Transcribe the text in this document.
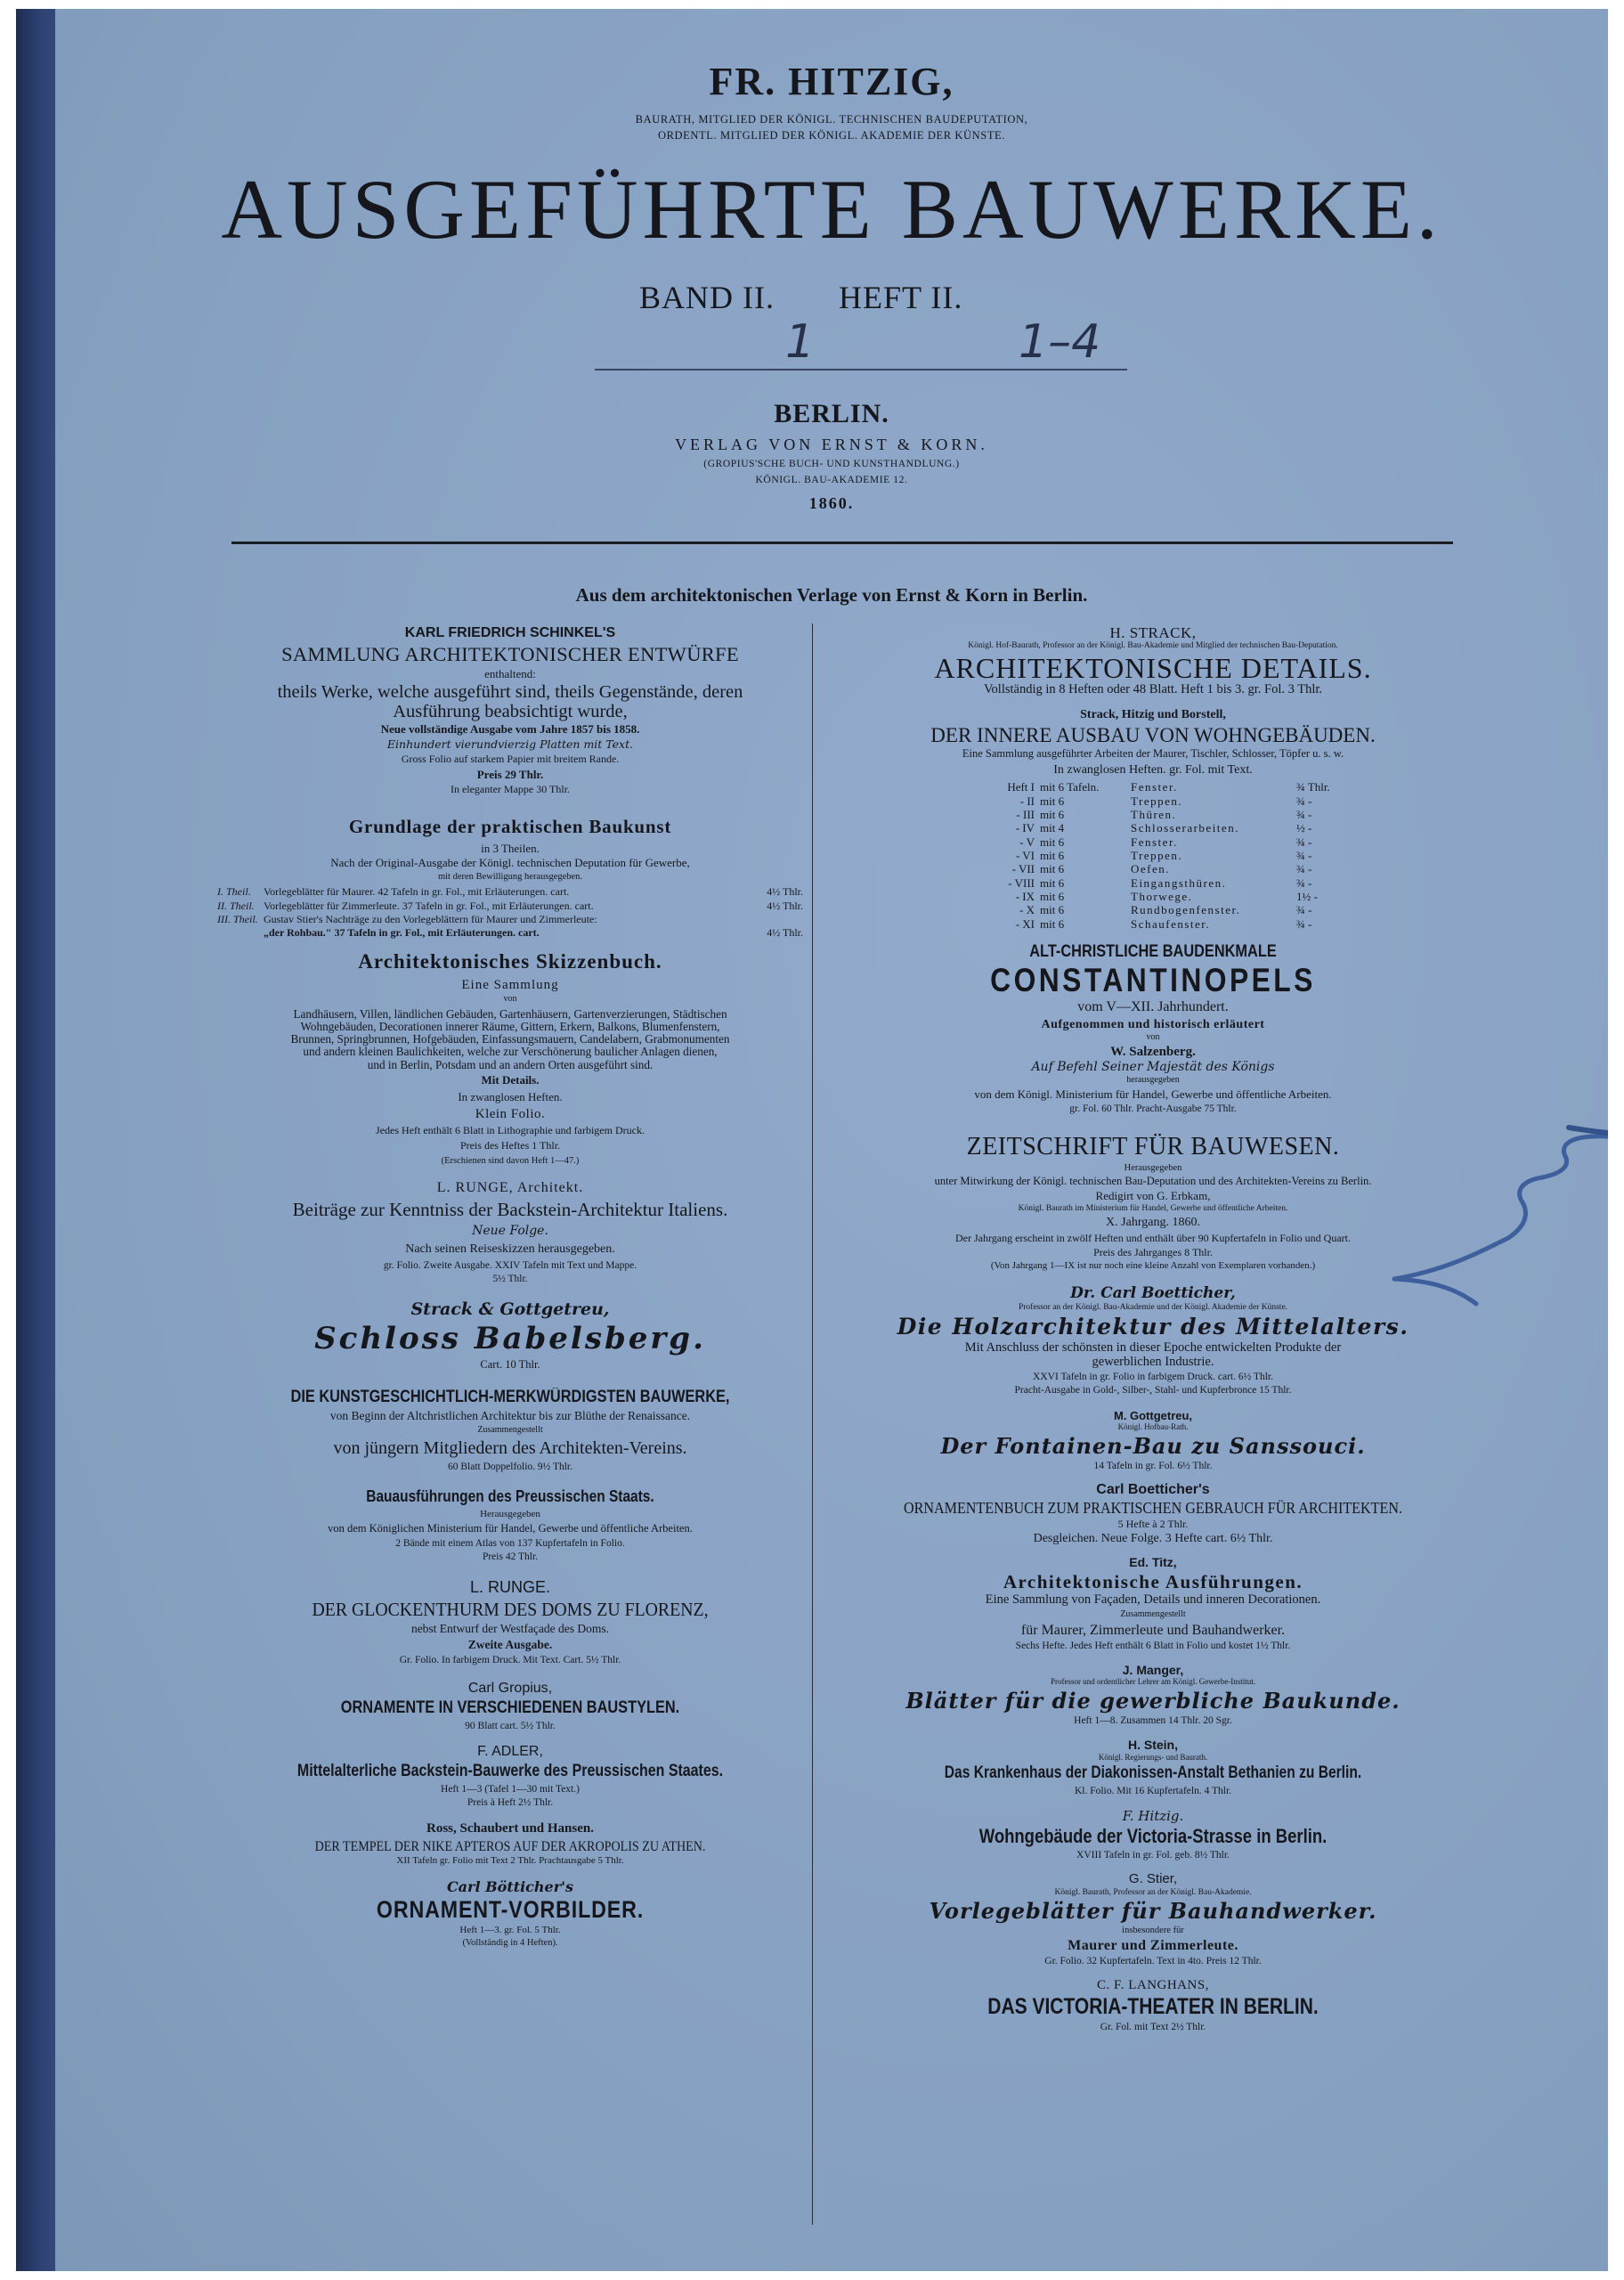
FR. HITZIG,
BAURATH, MITGLIED DER KÖNIGL. TECHNISCHEN BAUDEPUTATION,
ORDENTL. MITGLIED DER KÖNIGL. AKADEMIE DER KÜNSTE.
AUSGEFÜHRTE BAUWERKE.
BAND II. HEFT II.
1	1–4
BERLIN.
VERLAG VON ERNST & KORN.
(GROPIUS'SCHE BUCH- UND KUNSTHANDLUNG.)
KÖNIGL. BAU-AKADEMIE 12.
1860.
Aus dem architektonischen Verlage von Ernst & Korn in Berlin.
KARL FRIEDRICH SCHINKEL'S
SAMMLUNG ARCHITEKTONISCHER ENTWÜRFE
enthaltend:
theils Werke, welche ausgeführt sind, theils Gegenstände, deren
Ausführung beabsichtigt wurde,
Neue vollständige Ausgabe vom Jahre 1857 bis 1858.
Einhundert vierundvierzig Platten mit Text.
Gross Folio auf starkem Papier mit breitem Rande.
Preis 29 Thlr.
In eleganter Mappe 30 Thlr.
Grundlage der praktischen Baukunst
in 3 Theilen.
Nach der Original-Ausgabe der Königl. technischen Deputation für Gewerbe,
mit deren Bewilligung herausgegeben.
I. Theil.	Vorlegeblätter für Maurer. 42 Tafeln in gr. Fol., mit Erläuterungen. cart.	4½ Thlr.
II. Theil. Vorlegeblätter für Zimmerleute. 37 Tafeln in gr. Fol., mit Erläuterungen. cart.	4½ Thlr.
III. Theil. Gustav Stier's Nachträge zu den Vorlegeblättern für Maurer und Zimmerleute:
„der Rohbau." 37 Tafeln in gr. Fol., mit Erläuterungen. cart.	4½ Thlr.
Architektonisches Skizzenbuch.
Eine Sammlung
von
Landhäusern, Villen, ländlichen Gebäuden, Gartenhäusern, Gartenverzierungen, Städtischen
Wohngebäuden, Decorationen innerer Räume, Gittern, Erkern, Balkons, Blumenfenstern,
Brunnen, Springbrunnen, Hofgebäuden, Einfassungsmauern, Candelabern, Grabmonumenten
und andern kleinen Baulichkeiten, welche zur Verschönerung baulicher Anlagen dienen,
und in Berlin, Potsdam und an andern Orten ausgeführt sind.
Mit Details.
In zwanglosen Heften.
Klein Folio.
Jedes Heft enthält 6 Blatt in Lithographie und farbigem Druck.
Preis des Heftes 1 Thlr.
(Erschienen sind davon Heft 1—47.)
L. RUNGE, Architekt.
Beiträge zur Kenntniss der Backstein-Architektur Italiens.
Neue Folge.
Nach seinen Reiseskizzen herausgegeben.
gr. Folio. Zweite Ausgabe. XXIV Tafeln mit Text und Mappe.
5½ Thlr.
Strack & Gottgetreu,
Schloss Babelsberg.
Cart. 10 Thlr.
DIE KUNSTGESCHICHTLICH-MERKWÜRDIGSTEN BAUWERKE,
von Beginn der Altchristlichen Architektur bis zur Blüthe der Renaissance.
Zusammengestellt
von jüngern Mitgliedern des Architekten-Vereins.
60 Blatt Doppelfolio. 9½ Thlr.
Bauausführungen des Preussischen Staats.
Herausgegeben
von dem Königlichen Ministerium für Handel, Gewerbe und öffentliche Arbeiten.
2 Bände mit einem Atlas von 137 Kupfertafeln in Folio.
Preis 42 Thlr.
L. RUNGE.
DER GLOCKENTHURM DES DOMS ZU FLORENZ,
nebst Entwurf der Westfaçade des Doms.
Zweite Ausgabe.
Gr. Folio. In farbigem Druck. Mit Text. Cart. 5½ Thlr.
Carl Gropius,
ORNAMENTE IN VERSCHIEDENEN BAUSTYLEN.
90 Blatt cart. 5½ Thlr.
F. ADLER,
Mittelalterliche Backstein-Bauwerke des Preussischen Staates.
Heft 1—3 (Tafel 1—30 mit Text.)
Preis à Heft 2½ Thlr.
Ross, Schaubert und Hansen.
DER TEMPEL DER NIKE APTEROS AUF DER AKROPOLIS ZU ATHEN.
XII Tafeln gr. Folio mit Text 2 Thlr. Prachtausgabe 5 Thlr.
Carl Bötticher's
ORNAMENT-VORBILDER.
Heft 1—3. gr. Fol. 5 Thlr.
(Vollständig in 4 Heften).
H. STRACK,
Königl. Hof-Baurath, Professor an der Königl. Bau-Akademie und Mitglied der technischen Bau-Deputation.
ARCHITEKTONISCHE DETAILS.
Vollständig in 8 Heften oder 48 Blatt. Heft 1 bis 3. gr. Fol. 3 Thlr.
Strack, Hitzig und Borstell,
DER INNERE AUSBAU VON WOHNGEBÄUDEN.
Eine Sammlung ausgeführter Arbeiten der Maurer, Tischler, Schlosser, Töpfer u. s. w.
In zwanglosen Heften. gr. Fol. mit Text.
Heft I mit 6 Tafeln.	Fenster.	¾ Thlr.
- II mit 6	Treppen.	¾ -
- III mit 6	Thüren.	¾ -
- IV mit 4	Schlosserarbeiten.	½ -
- V mit 6	Fenster.	¾ -
- VI mit 6	Treppen.	¾ -
- VII mit 6	Oefen.	¾ -
- VIII mit 6	Eingangsthüren.	¾ -
- IX mit 6	Thorwege.	1½ -
- X mit 6	Rundbogenfenster.	¾ -
- XI mit 6	Schaufenster.	¾ -
ALT-CHRISTLICHE BAUDENKMALE
CONSTANTINOPELS
vom V—XII. Jahrhundert.
Aufgenommen und historisch erläutert
von
W. Salzenberg.
Auf Befehl Seiner Majestät des Königs
herausgegeben
von dem Königl. Ministerium für Handel, Gewerbe und öffentliche Arbeiten.
gr. Fol. 60 Thlr. Pracht-Ausgabe 75 Thlr.
ZEITSCHRIFT FÜR BAUWESEN.
Herausgegeben
unter Mitwirkung der Königl. technischen Bau-Deputation und des Architekten-Vereins zu Berlin.
Redigirt von G. Erbkam,
Königl. Baurath im Ministerium für Handel, Gewerbe und öffentliche Arbeiten.
X. Jahrgang. 1860.
Der Jahrgang erscheint in zwölf Heften und enthält über 90 Kupfertafeln in Folio und Quart.
Preis des Jahrganges 8 Thlr.
(Von Jahrgang 1—IX ist nur noch eine kleine Anzahl von Exemplaren vorhanden.)
Dr. Carl Boetticher,
Professor an der Königl. Bau-Akademie und der Königl. Akademie der Künste.
Die Holzarchitektur des Mittelalters.
Mit Anschluss der schönsten in dieser Epoche entwickelten Produkte der
gewerblichen Industrie.
XXVI Tafeln in gr. Folio in farbigem Druck. cart. 6½ Thlr.
Pracht-Ausgabe in Gold-, Silber-, Stahl- und Kupferbronce 15 Thlr.
M. Gottgetreu,
Königl. Hofbau-Rath.
Der Fontainen-Bau zu Sanssouci.
14 Tafeln in gr. Fol. 6½ Thlr.
Carl Boetticher's
ORNAMENTENBUCH ZUM PRAKTISCHEN GEBRAUCH FÜR ARCHITEKTEN.
5 Hefte à 2 Thlr.
Desgleichen. Neue Folge. 3 Hefte cart. 6½ Thlr.
Ed. Titz,
Architektonische Ausführungen.
Eine Sammlung von Façaden, Details und inneren Decorationen.
Zusammengestellt
für Maurer, Zimmerleute und Bauhandwerker.
Sechs Hefte. Jedes Heft enthält 6 Blatt in Folio und kostet 1½ Thlr.
J. Manger,
Professor und ordentlicher Lehrer am Königl. Gewerbe-Institut.
Blätter für die gewerbliche Baukunde.
Heft 1—8. Zusammen 14 Thlr. 20 Sgr.
H. Stein,
Königl. Regierungs- und Baurath.
Das Krankenhaus der Diakonissen-Anstalt Bethanien zu Berlin.
Kl. Folio. Mit 16 Kupfertafeln. 4 Thlr.
F. Hitzig.
Wohngebäude der Victoria-Strasse in Berlin.
XVIII Tafeln in gr. Fol. geb. 8½ Thlr.
G. Stier,
Königl. Baurath, Professor an der Königl. Bau-Akademie.
Vorlegeblätter für Bauhandwerker.
insbesondere für
Maurer und Zimmerleute.
Gr. Folio. 32 Kupfertafeln. Text in 4to. Preis 12 Thlr.
C. F. LANGHANS,
DAS VICTORIA-THEATER IN BERLIN.
Gr. Fol. mit Text 2½ Thlr.
